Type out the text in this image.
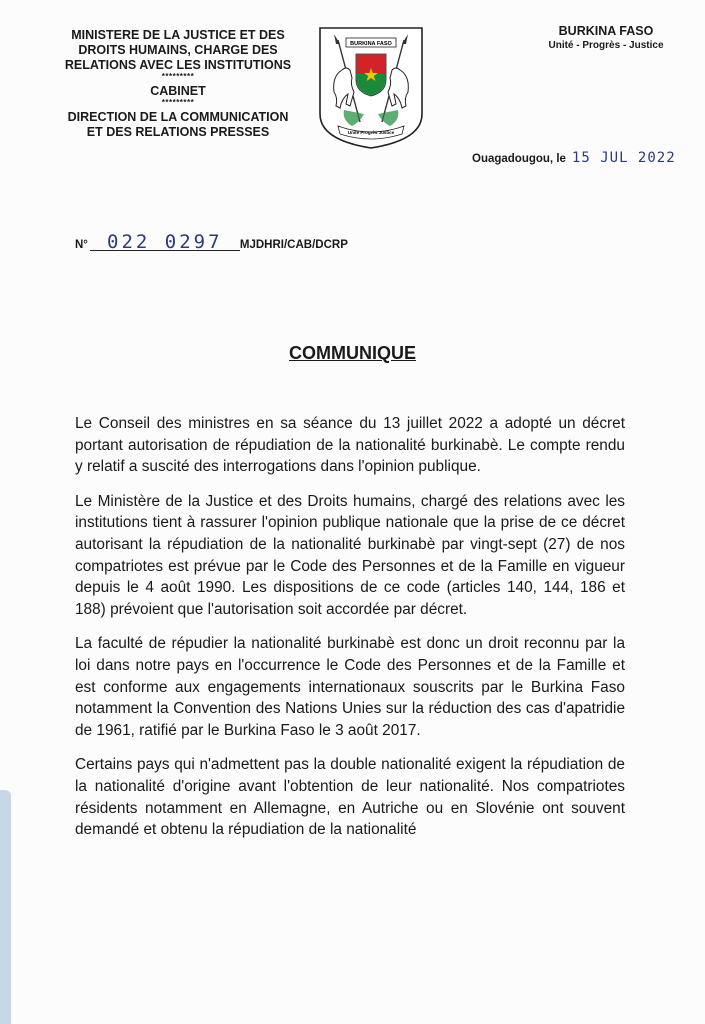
MINISTERE DE LA JUSTICE ET DES
DROITS HUMAINS, CHARGE DES
RELATIONS AVEC LES INSTITUTIONS
*********
CABINET
*********
DIRECTION DE LA COMMUNICATION
ET DES RELATIONS PRESSES
BURKINA FASO
Unité Progrès Justice
BURKINA FASO
Unité - Progrès - Justice
Ouagadougou, le 15 JUL 2022
N°	MJDHRI/CAB/DCRP
022 0297
COMMUNIQUE

Le Conseil des ministres en sa séance du 13 juillet 2022 a adopté un décret portant autorisation de répudiation de la nationalité burkinabè. Le compte rendu y relatif a suscité des interrogations dans l'opinion publique.

Le Ministère de la Justice et des Droits humains, chargé des relations avec les institutions tient à rassurer l'opinion publique nationale que la prise de ce décret autorisant la répudiation de la nationalité burkinabè par vingt-sept (27) de nos compatriotes est prévue par le Code des Personnes et de la Famille en vigueur depuis le 4 août 1990. Les dispositions de ce code (articles 140, 144, 186 et 188) prévoient que l'autorisation soit accordée par décret.

La faculté de répudier la nationalité burkinabè est donc un droit reconnu par la loi dans notre pays en l'occurrence le Code des Personnes et de la Famille et est conforme aux engagements internationaux souscrits par le Burkina Faso notamment la Convention des Nations Unies sur la réduction des cas d'apatridie de 1961, ratifié par le Burkina Faso le 3 août 2017.

Certains pays qui n'admettent pas la double nationalité exigent la répudiation de la nationalité d'origine avant l'obtention de leur nationalité. Nos compatriotes résidents notamment en Allemagne, en Autriche ou en Slovénie ont souvent demandé et obtenu la répudiation de la nationalité
